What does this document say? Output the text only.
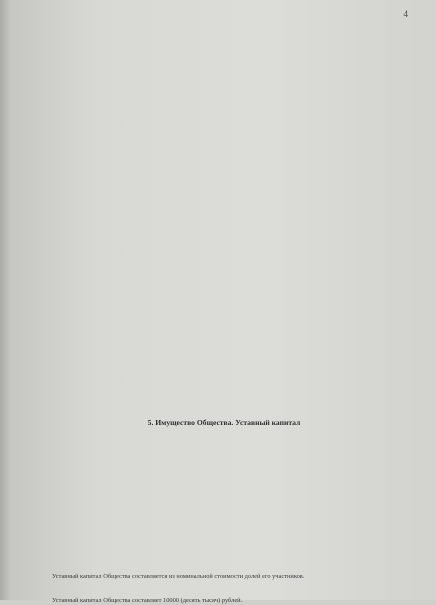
4
5. Имущество Общества. Уставный капитал
Уставный капитал Общества составляется из номинальной стоимости долей его участников.
Уставный капитал Общества составляет 10000 (десять тысяч) рублей.
